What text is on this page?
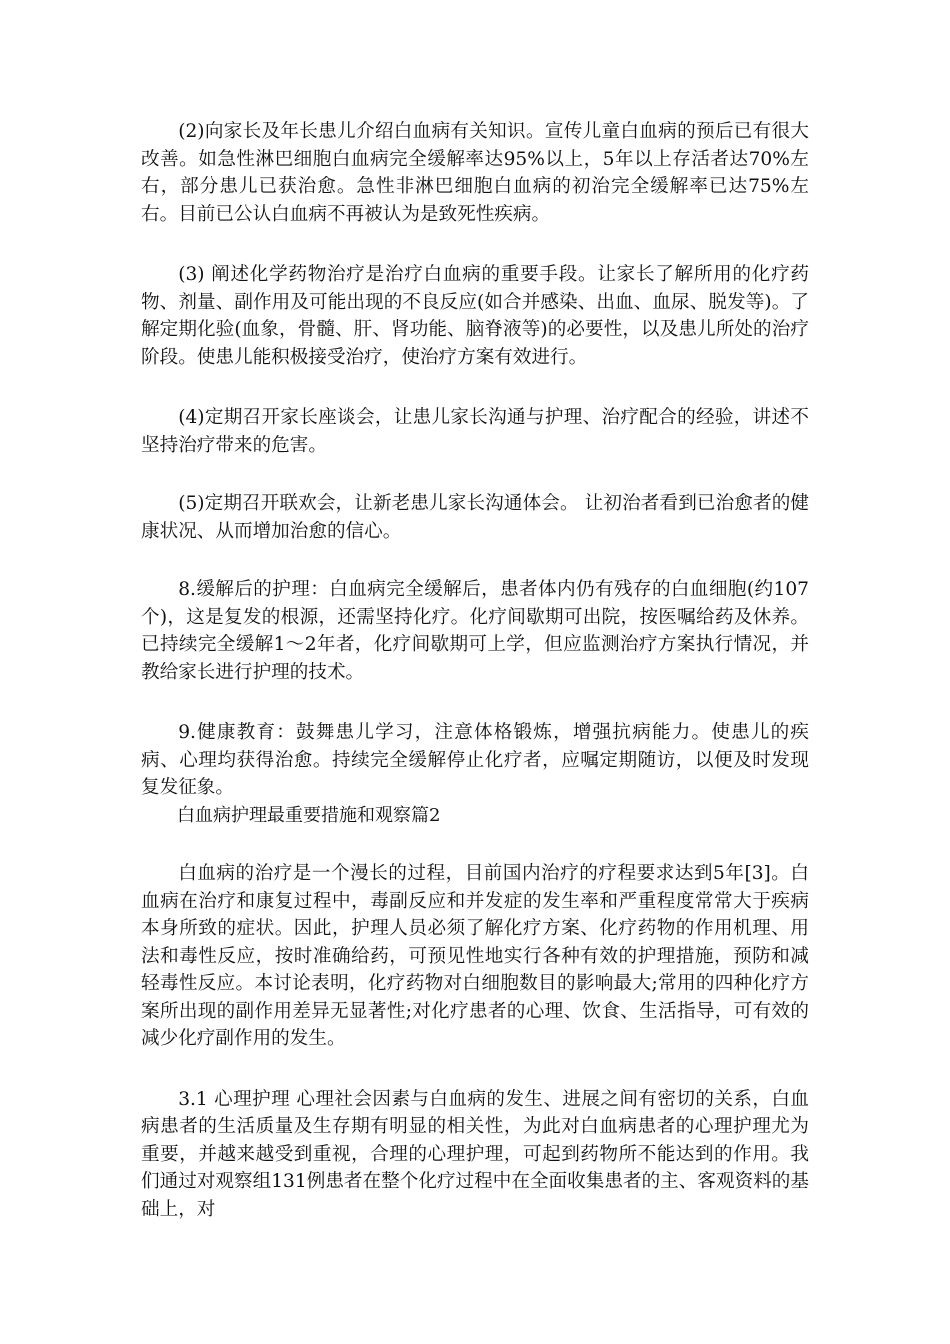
(2)向家长及年长患儿介绍白血病有关知识。宣传儿童白血病的预后已有很大改善。如急性淋巴细胞白血病完全缓解率达95%以上，5年以上存活者达70%左右，部分患儿已获治愈。急性非淋巴细胞白血病的初治完全缓解率已达75%左右。目前已公认白血病不再被认为是致死性疾病。

(3) 阐述化学药物治疗是治疗白血病的重要手段。让家长了解所用的化疗药物、剂量、副作用及可能出现的不良反应(如合并感染、出血、血尿、脱发等)。了解定期化验(血象，骨髓、肝、肾功能、脑脊液等)的必要性，以及患儿所处的治疗阶段。使患儿能积极接受治疗，使治疗方案有效进行。

(4)定期召开家长座谈会，让患儿家长沟通与护理、治疗配合的经验，讲述不坚持治疗带来的危害。

(5)定期召开联欢会，让新老患儿家长沟通体会。 让初治者看到已治愈者的健康状况、从而增加治愈的信心。

8.缓解后的护理：白血病完全缓解后，患者体内仍有残存的白血细胞(约107个)，这是复发的根源，还需坚持化疗。化疗间歇期可出院，按医嘱给药及休养。已持续完全缓解1～2年者，化疗间歇期可上学，但应监测治疗方案执行情况，并教给家长进行护理的技术。

9.健康教育：鼓舞患儿学习，注意体格锻炼，增强抗病能力。使患儿的疾病、心理均获得治愈。持续完全缓解停止化疗者，应嘱定期随访，以便及时发现复发征象。

白血病护理最重要措施和观察篇2

白血病的治疗是一个漫长的过程，目前国内治疗的疗程要求达到5年[3]。白血病在治疗和康复过程中，毒副反应和并发症的发生率和严重程度常常大于疾病本身所致的症状。因此，护理人员必须了解化疗方案、化疗药物的作用机理、用法和毒性反应，按时准确给药，可预见性地实行各种有效的护理措施，预防和减轻毒性反应。本讨论表明，化疗药物对白细胞数目的影响最大;常用的四种化疗方案所出现的副作用差异无显著性;对化疗患者的心理、饮食、生活指导，可有效的减少化疗副作用的发生。

3.1 心理护理 心理社会因素与白血病的发生、进展之间有密切的关系，白血病患者的生活质量及生存期有明显的相关性，为此对白血病患者的心理护理尤为重要，并越来越受到重视，合理的心理护理，可起到药物所不能达到的作用。我们通过对观察组131例患者在整个化疗过程中在全面收集患者的主、客观资料的基础上，对
